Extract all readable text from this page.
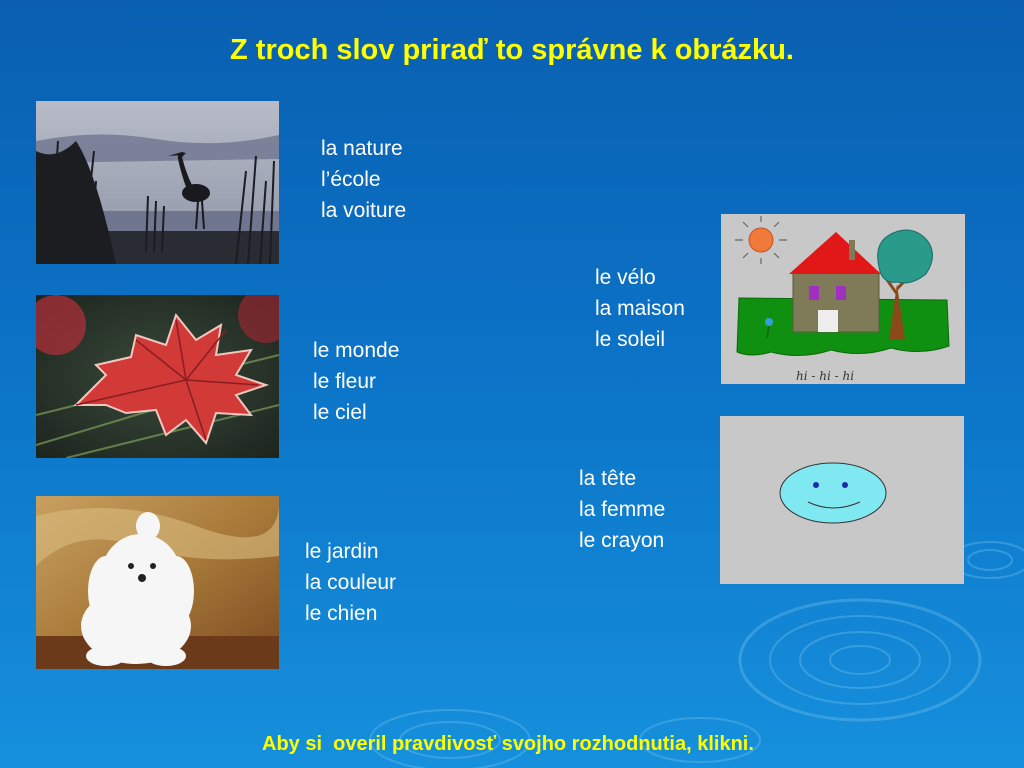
Z troch slov priraď to správne k obrázku.
la nature
l’école
la voiture
le monde
le fleur
le ciel
le jardin
la couleur
le chien
hi - hi - hi
le vélo
la maison
le soleil
la tête
la femme
le crayon
Aby si  overil pravdivosť svojho rozhodnutia, klikni.
